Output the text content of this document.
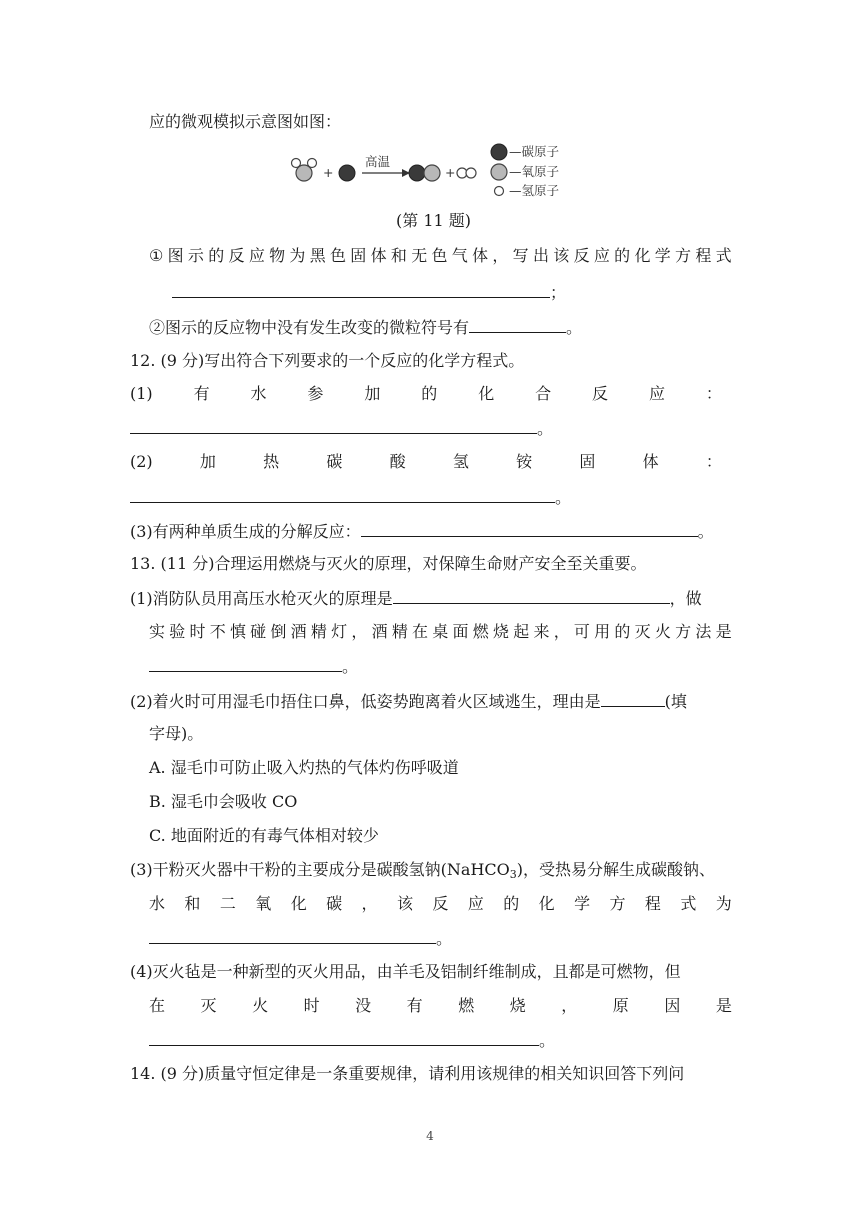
应的微观模拟示意图如图：
+
高温
+
—碳原子
—氧原子
—氢原子
(第 11 题)
① 图 示 的 反 应 物 为 黑 色 固 体 和 无 色 气 体 ， 写 出 该 反 应 的 化 学 方 程 式
；
②图示的反应物中没有发生改变的微粒符号有	。
12. (9 分)写出符合下列要求的一个反应的化学方程式。
(1)	有	水	参	加	的	化	合	反	应	：
。
(2)	加	热	碳	酸	氢	铵	固	体	：
。
(3)有两种单质生成的分解反应：	。
13. (11 分)合理运用燃烧与灭火的原理，对保障生命财产安全至关重要。
(1)消防队员用高压水枪灭火的原理是	，做
实 验 时 不 慎 碰 倒 酒 精 灯 ， 酒 精 在 桌 面 燃 烧 起 来 ， 可 用 的 灭 火 方 法 是
。
(2)着火时可用湿毛巾捂住口鼻，低姿势跑离着火区域逃生，理由是	(填
字母)。
A. 湿毛巾可防止吸入灼热的气体灼伤呼吸道
B. 湿毛巾会吸收 CO
C. 地面附近的有毒气体相对较少
(3)干粉灭火器中干粉的主要成分是碳酸氢钠(NaHCO$_3$)，受热易分解生成碳酸钠、
水 和 二 氧 化 碳 ， 该 反 应 的 化 学 方 程 式 为
。
(4)灭火毡是一种新型的灭火用品，由羊毛及铝制纤维制成，且都是可燃物，但
在 灭 火 时 没 有 燃 烧 ， 原 因 是
。
14. (9 分)质量守恒定律是一条重要规律，请利用该规律的相关知识回答下列问
4
